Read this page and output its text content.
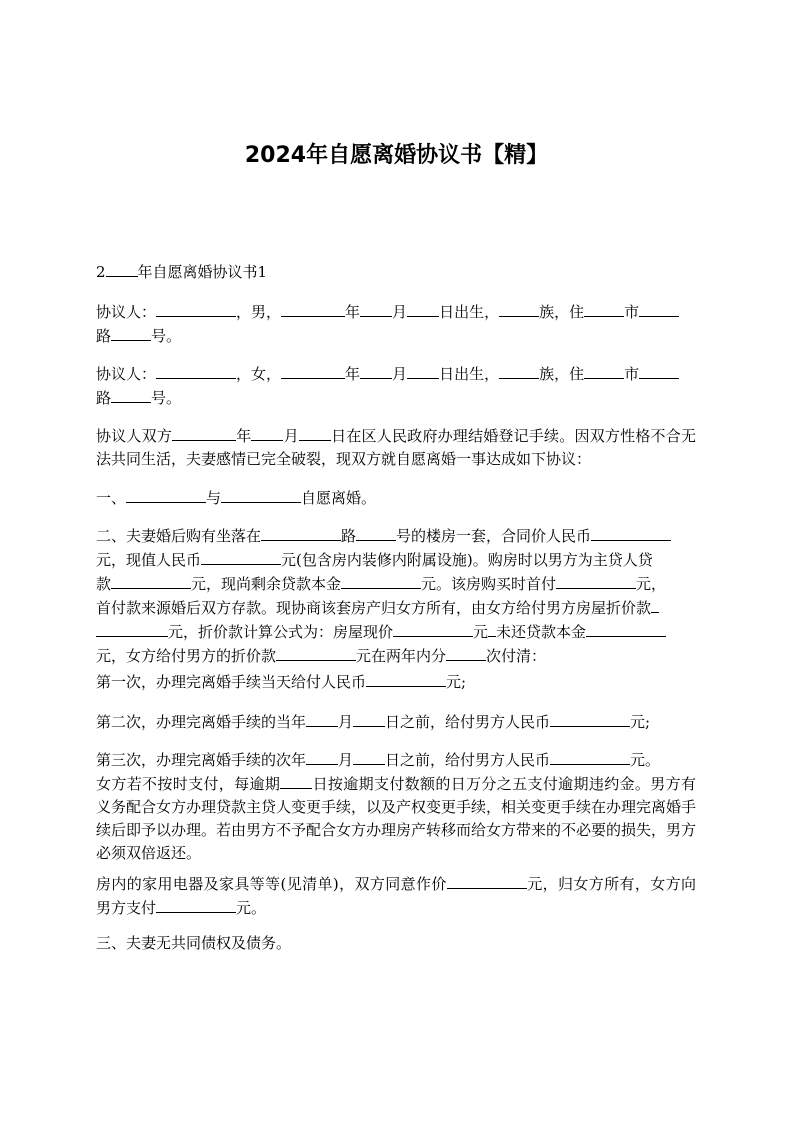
2024年自愿离婚协议书【精】

2 年自愿离婚协议书1

协议人：	，男，	年 月 日出生，	族，住	市
路	号。

协议人：	，女，	年 月 日出生，	族，住	市
路	号。

协议人双方	年 月 日在区人民政府办理结婚登记手续。因双方性格不合无法共同生活，夫妻感情已完全破裂，现双方就自愿离婚一事达成如下协议：

一、	与	自愿离婚。

二、夫妻婚后购有坐落在	路	号的楼房一套，合同价人民币
元，现值人民币	元(包含房内装修内附属设施)。购房时以男方为主贷人贷
款	元，现尚剩余贷款本金	元。该房购买时首付	元，
首付款来源婚后双方存款。现协商该套房产归女方所有，由女方给付男方房屋折价款
元，折价款计算公式为：房屋现价	元 未还贷款本金
元，女方给付男方的折价款	元在两年内分	次付清：

第一次，办理完离婚手续当天给付人民币	元;

第二次，办理完离婚手续的当年 月 日之前，给付男方人民币	元;

第三次，办理完离婚手续的次年 月 日之前，给付男方人民币	元。
女方若不按时支付，每逾期 日按逾期支付数额的日万分之五支付逾期违约金。男方有义务配合女方办理贷款主贷人变更手续，以及产权变更手续，相关变更手续在办理完离婚手续后即予以办理。若由男方不予配合女方办理房产转移而给女方带来的不必要的损失，男方必须双倍返还。

房内的家用电器及家具等等(见清单)，双方同意作价	元，归女方所有，女方向男方支付	元。

三、夫妻无共同债权及债务。
